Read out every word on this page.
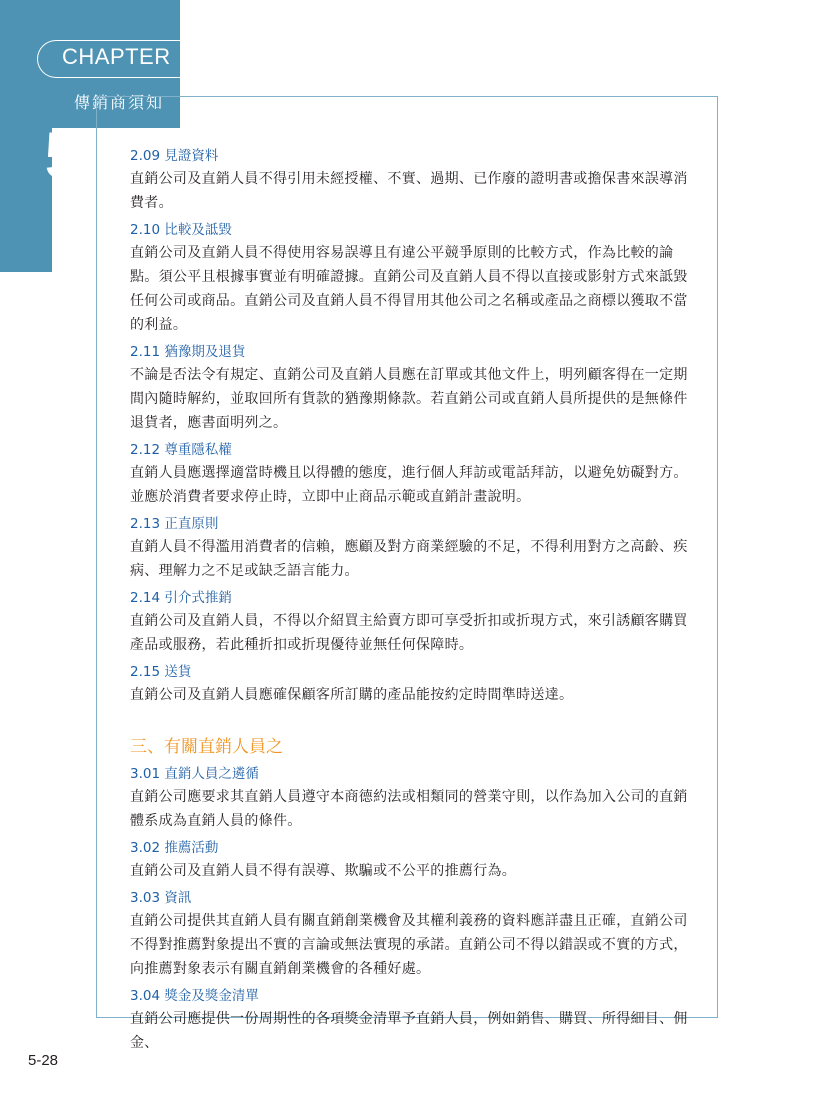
CHAPTER
傳銷商須知
5	2.09 見證資料

直銷公司及直銷人員不得引用未經授權、不實、過期、已作廢的證明書或擔保書來誤導消費者。

2.10 比較及詆毀

直銷公司及直銷人員不得使用容易誤導且有違公平競爭原則的比較方式，作為比較的論點。須公平且根據事實並有明確證據。直銷公司及直銷人員不得以直接或影射方式來詆毀任何公司或商品。直銷公司及直銷人員不得冒用其他公司之名稱或產品之商標以獲取不當的利益。

2.11 猶豫期及退貨

不論是否法令有規定、直銷公司及直銷人員應在訂單或其他文件上，明列顧客得在一定期間內隨時解約，並取回所有貨款的猶豫期條款。若直銷公司或直銷人員所提供的是無條件退貨者，應書面明列之。

2.12 尊重隱私權

直銷人員應選擇適當時機且以得體的態度，進行個人拜訪或電話拜訪，以避免妨礙對方。並應於消費者要求停止時，立即中止商品示範或直銷計畫說明。

2.13 正直原則

直銷人員不得濫用消費者的信賴，應顧及對方商業經驗的不足，不得利用對方之高齡、疾病、理解力之不足或缺乏語言能力。

2.14 引介式推銷

直銷公司及直銷人員，不得以介紹買主給賣方即可享受折扣或折現方式，來引誘顧客購買產品或服務，若此種折扣或折現優待並無任何保障時。

2.15 送貨

直銷公司及直銷人員應確保顧客所訂購的產品能按約定時間準時送達。

三、有關直銷人員之
3.01 直銷人員之遴循

直銷公司應要求其直銷人員遵守本商德約法或相類同的營業守則，以作為加入公司的直銷體系成為直銷人員的條件。

3.02 推薦活動

直銷公司及直銷人員不得有誤導、欺騙或不公平的推薦行為。

3.03 資訊

直銷公司提供其直銷人員有關直銷創業機會及其權利義務的資料應詳盡且正確，直銷公司不得對推薦對象提出不實的言論或無法實現的承諾。直銷公司不得以錯誤或不實的方式，向推薦對象表示有關直銷創業機會的各種好處。

3.04 獎金及獎金清單

直銷公司應提供一份周期性的各項獎金清單予直銷人員，例如銷售、購買、所得細目、佣金、

5-28
